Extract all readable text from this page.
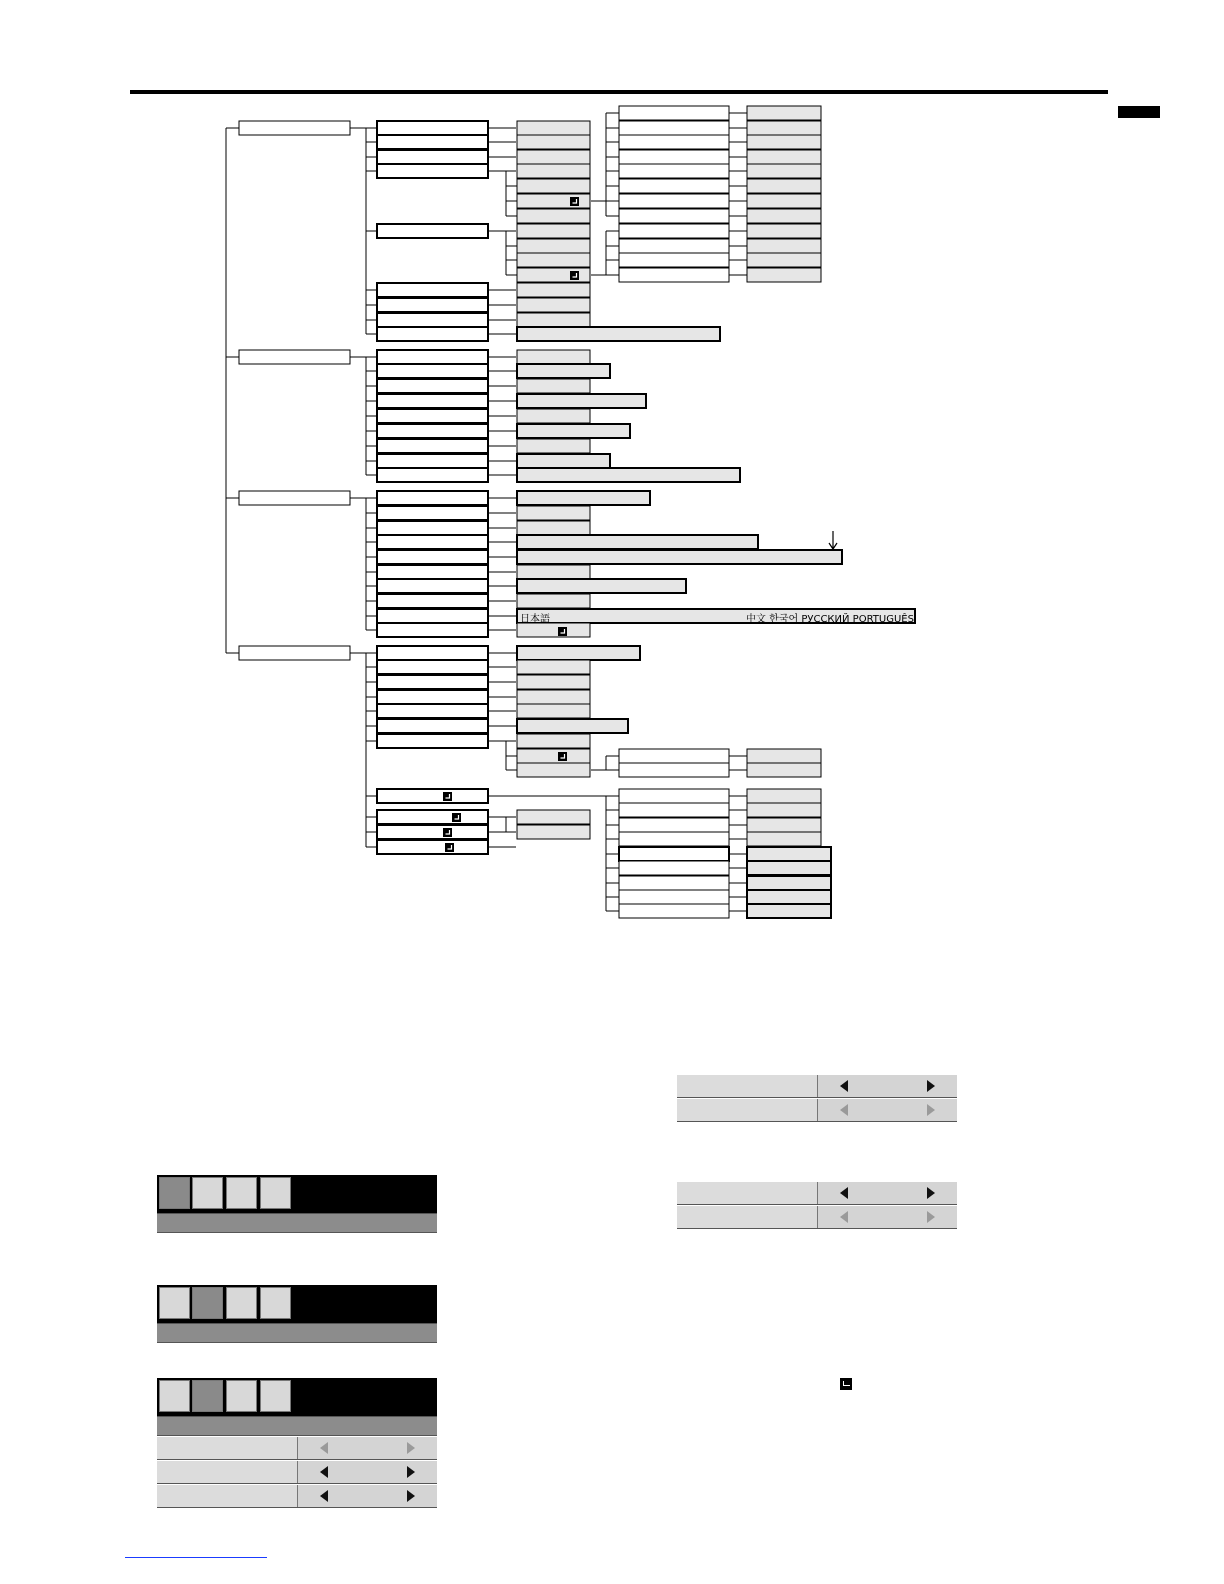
日本語	中文 한국어 РУССКИЙ PORTUGUÊS
